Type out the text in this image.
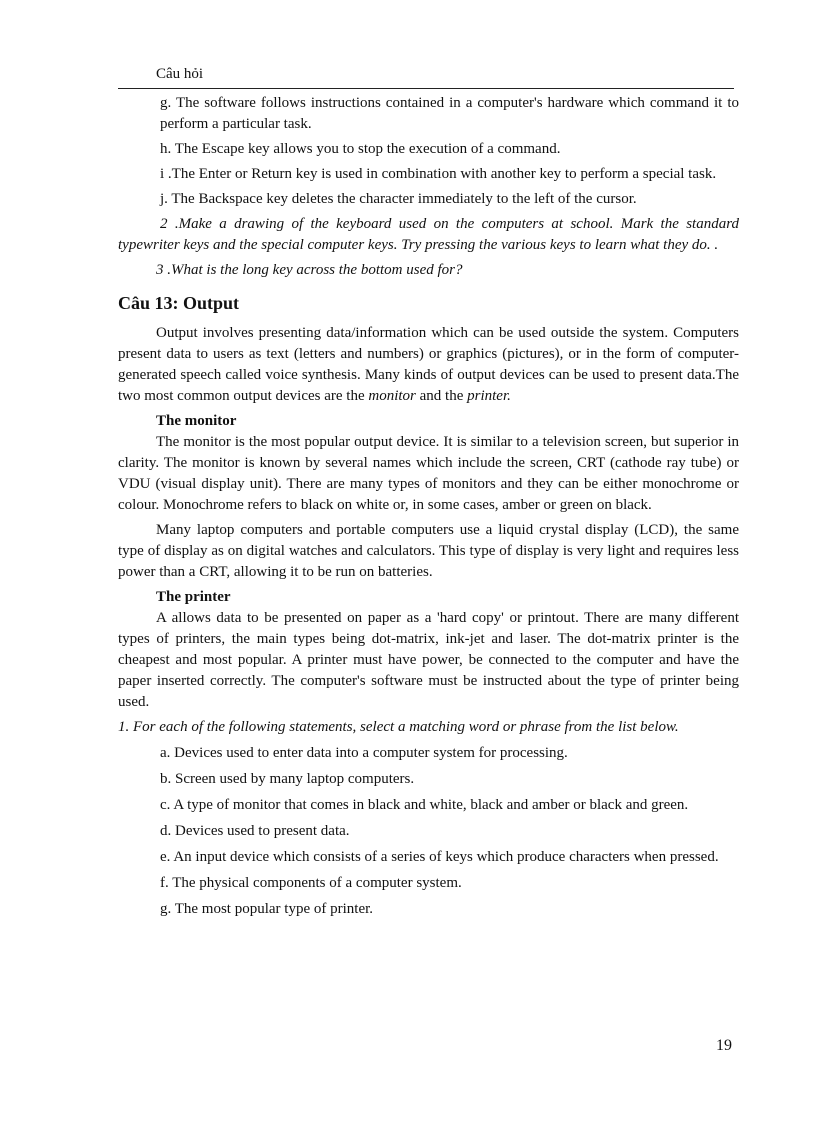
Câu hỏi

g. The software follows instructions contained in a computer's hardware which command it to perform a particular task.

h. The Escape key allows you to stop the execution of a command.

i .The Enter or Return key is used in combination with another key to perform a special task.

j. The Backspace key deletes the character immediately to the left of the cursor.

2 .Make a drawing of the keyboard used on the computers at school. Mark the standard typewriter keys and the special computer keys. Try pressing the various keys to learn what they do. .

3 .What is the long key across the bottom used for?

Câu 13: Output

Output involves presenting data/information which can be used outside the system. Computers present data to users as text (letters and numbers) or graphics (pictures), or in the form of computer-generated speech called voice synthesis. Many kinds of output devices can be used to present data.The two most common output devices are the monitor and the printer.

The monitor

The monitor is the most popular output device. It is similar to a television screen, but superior in clarity. The monitor is known by several names which include the screen, CRT (cathode ray tube) or VDU (visual display unit). There are many types of monitors and they can be either monochrome or colour. Monochrome refers to black on white or, in some cases, amber or green on black.

Many laptop computers and portable computers use a liquid crystal display (LCD), the same type of display as on digital watches and calculators. This type of display is very light and requires less power than a CRT, allowing it to be run on batteries.

The printer

A allows data to be presented on paper as a 'hard copy' or printout. There are many different types of printers, the main types being dot-matrix, ink-jet and laser. The dot-matrix printer is the cheapest and most popular. A printer must have power, be connected to the computer and have the paper inserted correctly. The computer's software must be instructed about the type of printer being used.

1. For each of the following statements, select a matching word or phrase from the list below.

a. Devices used to enter data into a computer system for processing.

b. Screen used by many laptop computers.

c. A type of monitor that comes in black and white, black and amber or black and green.

d. Devices used to present data.

e. An input device which consists of a series of keys which produce characters when pressed.

f. The physical components of a computer system.

g. The most popular type of printer.

19
